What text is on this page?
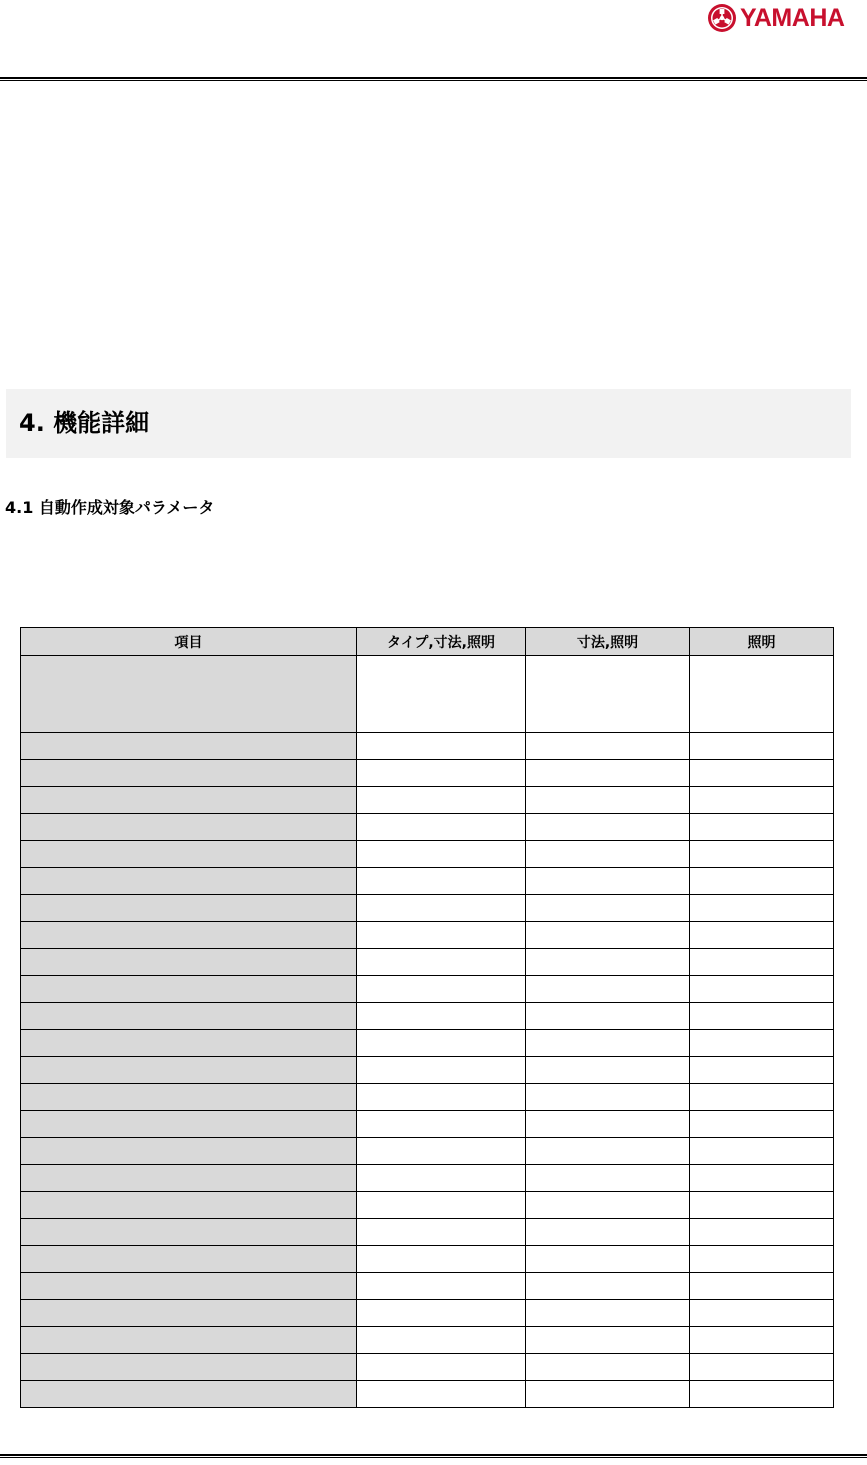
YAMAHA
4. 機能詳細
4.1 自動作成対象パラメータ
項目	タイプ,寸法,照明	寸法,照明	照明
